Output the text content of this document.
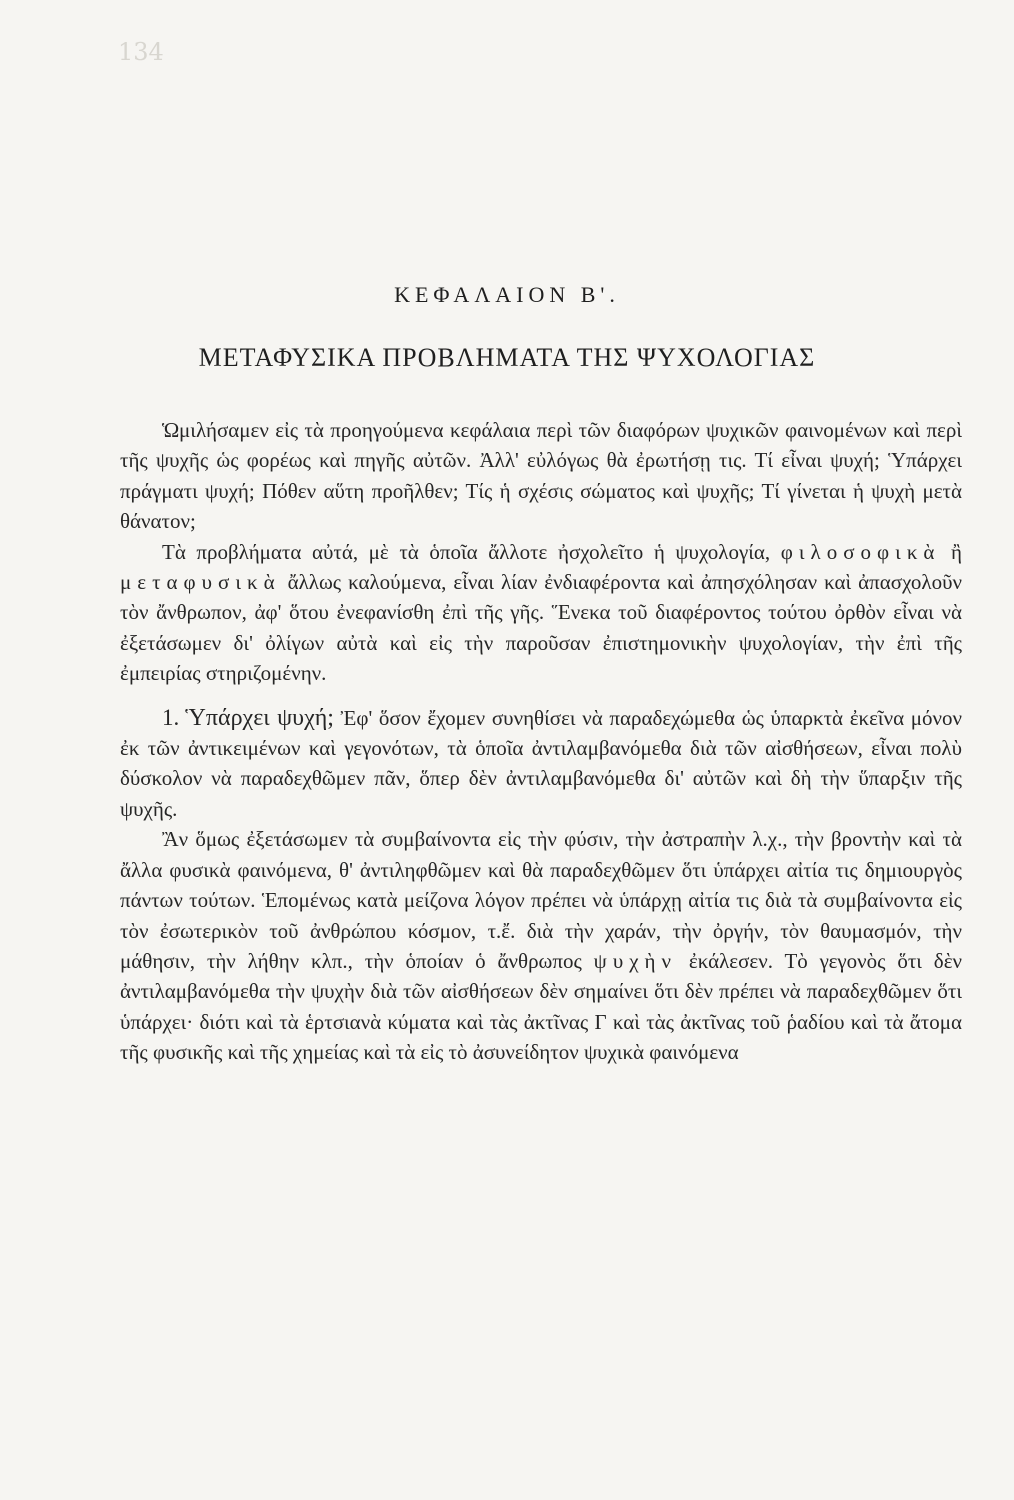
134
ΚΕΦΑΛΑΙΟΝ Β'.
ΜΕΤΑΦΥΣΙΚΑ ΠΡΟΒΛΗΜΑΤΑ ΤΗΣ ΨΥΧΟΛΟΓΙΑΣ

Ὡμιλήσαμεν εἰς τὰ προηγούμενα κεφάλαια περὶ τῶν διαφόρων ψυχικῶν φαινομένων καὶ περὶ τῆς ψυχῆς ὡς φορέως καὶ πηγῆς αὐτῶν. Ἀλλ' εὐλόγως θὰ ἐρωτήσῃ τις. Τί εἶναι ψυχή; Ὑπάρχει πράγματι ψυχή; Πόθεν αὕτη προῆλθεν; Τίς ἡ σχέσις σώματος καὶ ψυχῆς; Τί γίνεται ἡ ψυχὴ μετὰ θάνατον;

Τὰ προβλήματα αὐτά, μὲ τὰ ὁποῖα ἄλλοτε ἠσχολεῖτο ἡ ψυχολογία, φιλοσοφικὰ ἢ μεταφυσικὰ ἄλλως καλούμενα, εἶναι λίαν ἐνδιαφέροντα καὶ ἀπησχόλησαν καὶ ἀπασχολοῦν τὸν ἄνθρωπον, ἀφ' ὅτου ἐνεφανίσθη ἐπὶ τῆς γῆς. Ἕνεκα τοῦ διαφέροντος τούτου ὀρθὸν εἶναι νὰ ἐξετάσωμεν δι' ὀλίγων αὐτὰ καὶ εἰς τὴν παροῦσαν ἐπιστημονικὴν ψυχολογίαν, τὴν ἐπὶ τῆς ἐμπειρίας στηριζομένην.

1. Ὑπάρχει ψυχή; Ἐφ' ὅσον ἔχομεν συνηθίσει νὰ παραδεχώμεθα ὡς ὑπαρκτὰ ἐκεῖνα μόνον ἐκ τῶν ἀντικειμένων καὶ γεγονότων, τὰ ὁποῖα ἀντιλαμβανόμεθα διὰ τῶν αἰσθήσεων, εἶναι πολὺ δύσκολον νὰ παραδεχθῶμεν πᾶν, ὅπερ δὲν ἀντιλαμβανόμεθα δι' αὐτῶν καὶ δὴ τὴν ὕπαρξιν τῆς ψυχῆς.

Ἂν ὅμως ἐξετάσωμεν τὰ συμβαίνοντα εἰς τὴν φύσιν, τὴν ἀστραπὴν λ.χ., τὴν βροντὴν καὶ τὰ ἄλλα φυσικὰ φαινόμενα, θ' ἀντιληφθῶμεν καὶ θὰ παραδεχθῶμεν ὅτι ὑπάρχει αἰτία τις δημιουργὸς πάντων τούτων. Ἑπομένως κατὰ μείζονα λόγον πρέπει νὰ ὑπάρχῃ αἰτία τις διὰ τὰ συμβαίνοντα εἰς τὸν ἐσωτερικὸν τοῦ ἀνθρώπου κόσμον, τ.ἔ. διὰ τὴν χαράν, τὴν ὀργήν, τὸν θαυμασμόν, τὴν μάθησιν, τὴν λήθην κλπ., τὴν ὁποίαν ὁ ἄνθρωπος ψυχὴν ἐκάλεσεν. Τὸ γεγονὸς ὅτι δὲν ἀντιλαμβανόμεθα τὴν ψυχὴν διὰ τῶν αἰσθήσεων δὲν σημαίνει ὅτι δὲν πρέπει νὰ παραδεχθῶμεν ὅτι ὑπάρχει· διότι καὶ τὰ ἑρτσιανὰ κύματα καὶ τὰς ἀκτῖνας Γ καὶ τὰς ἀκτῖνας τοῦ ῥαδίου καὶ τὰ ἄτομα τῆς φυσικῆς καὶ τῆς χημείας καὶ τὰ εἰς τὸ ἀσυνείδητον ψυχικὰ φαινόμενα
